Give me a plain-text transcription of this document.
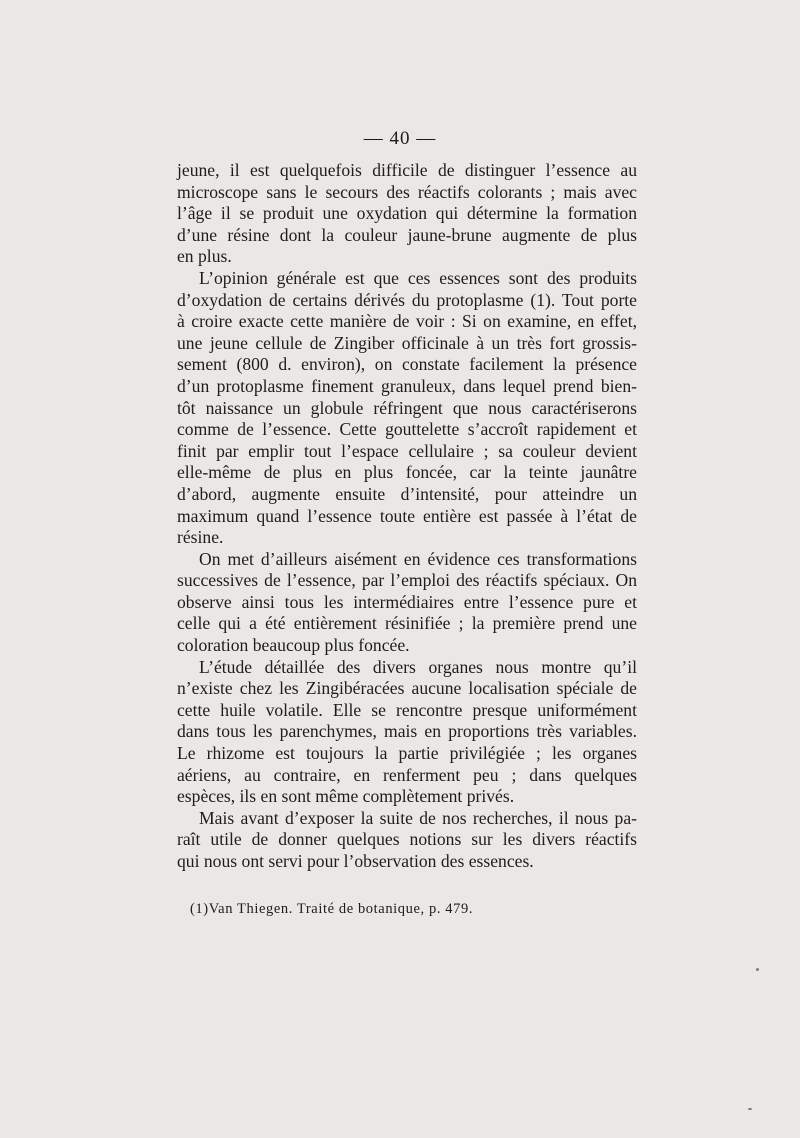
— 40 —

jeune, il est quelquefois difficile de distinguer l’essence au
microscope sans le secours des réactifs colorants ; mais avec
l’âge il se produit une oxydation qui détermine la formation
d’une résine dont la couleur jaune-brune augmente de plus
en plus.

L’opinion générale est que ces essences sont des produits
d’oxydation de certains dérivés du protoplasme (1). Tout porte
à croire exacte cette manière de voir : Si on examine, en effet,
une jeune cellule de Zingiber officinale à un très fort grossis-
sement (800 d. environ), on constate facilement la présence
d’un protoplasme finement granuleux, dans lequel prend bien-
tôt naissance un globule réfringent que nous caractériserons
comme de l’essence. Cette gouttelette s’accroît rapidement et
finit par emplir tout l’espace cellulaire ; sa couleur devient
elle-même de plus en plus foncée, car la teinte jaunâtre
d’abord, augmente ensuite d’intensité, pour atteindre un
maximum quand l’essence toute entière est passée à l’état de
résine.

On met d’ailleurs aisément en évidence ces transformations
successives de l’essence, par l’emploi des réactifs spéciaux. On
observe ainsi tous les intermédiaires entre l’essence pure et
celle qui a été entièrement résinifiée ; la première prend une
coloration beaucoup plus foncée.

L’étude détaillée des divers organes nous montre qu’il
n’existe chez les Zingibéracées aucune localisation spéciale de
cette huile volatile. Elle se rencontre presque uniformément
dans tous les parenchymes, mais en proportions très variables.
Le rhizome est toujours la partie privilégiée ; les organes
aériens, au contraire, en renferment peu ; dans quelques
espèces, ils en sont même complètement privés.

Mais avant d’exposer la suite de nos recherches, il nous pa-
raît utile de donner quelques notions sur les divers réactifs
qui nous ont servi pour l’observation des essences.

(1)Van Thiegen. Traité de botanique, p. 479.
